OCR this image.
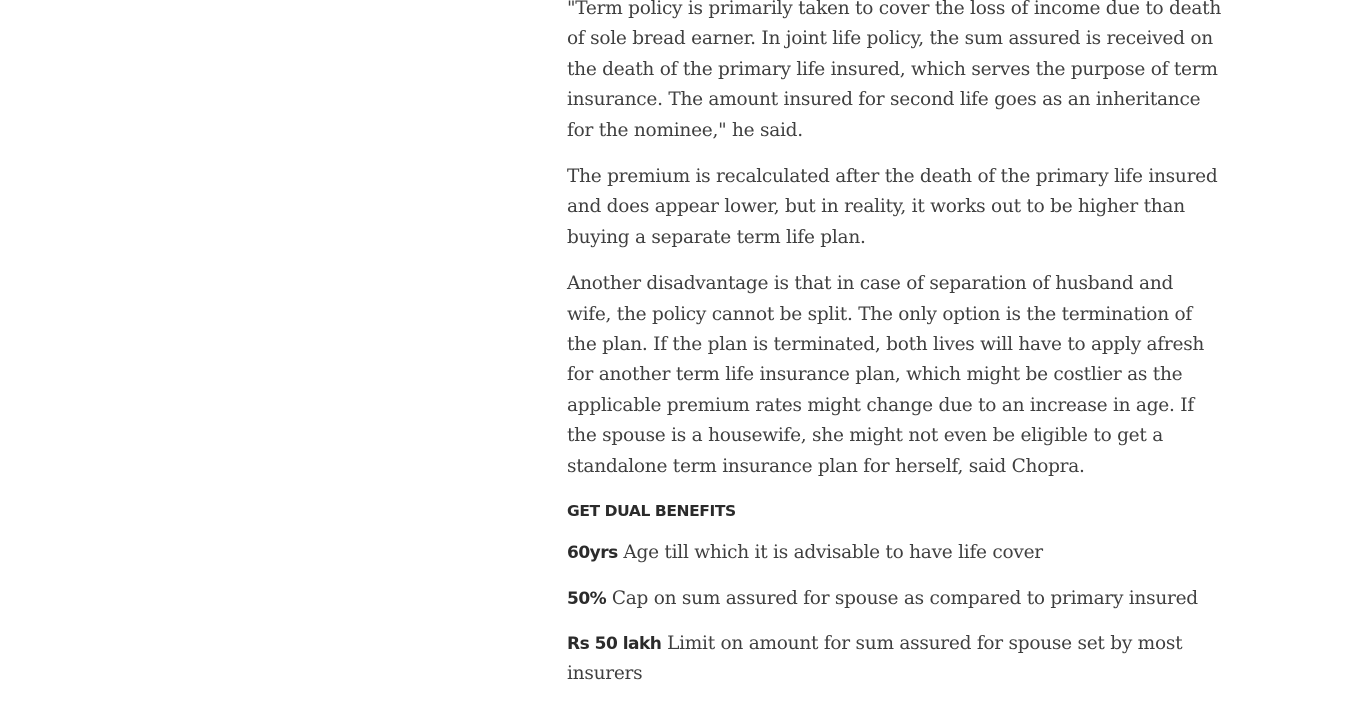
"Term policy is primarily taken to cover the loss of income due to death of sole bread earner. In joint life policy, the sum assured is received on the death of the primary life insured, which serves the purpose of term insurance. The amount insured for second life goes as an inheritance for the nominee," he said.

The premium is recalculated after the death of the primary life insured and does appear lower, but in reality, it works out to be higher than buying a separate term life plan.

Another disadvantage is that in case of separation of husband and wife, the policy cannot be split. The only option is the termination of the plan. If the plan is terminated, both lives will have to apply afresh for another term life insurance plan, which might be costlier as the applicable premium rates might change due to an increase in age. If the spouse is a housewife, she might not even be eligible to get a standalone term insurance plan for herself, said Chopra.

GET DUAL BENEFITS

60yrs Age till which it is advisable to have life cover

50% Cap on sum assured for spouse as compared to primary insured

Rs 50 lakh Limit on amount for sum assured for spouse set by most insurers
